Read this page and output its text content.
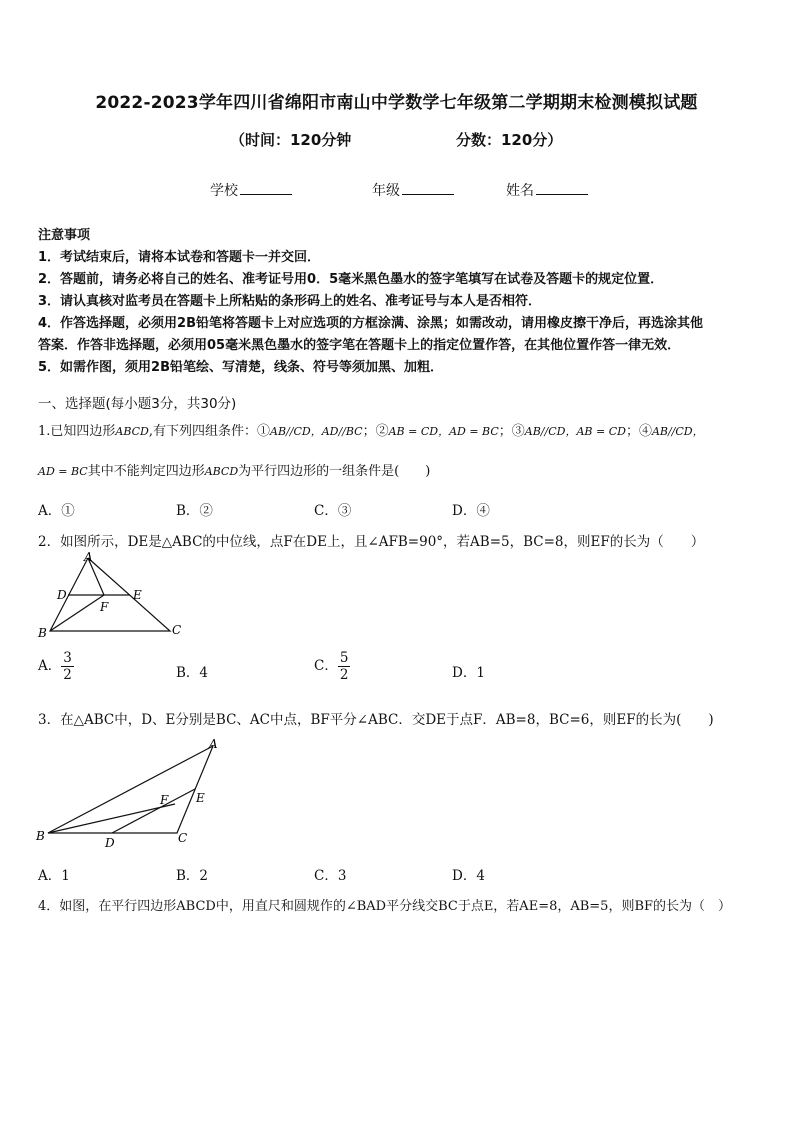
2022-2023学年四川省绵阳市南山中学数学七年级第二学期期末检测模拟试题
（时间：120分钟	分数：120分）
学校	年级	姓名
注意事项
1．考试结束后，请将本试卷和答题卡一并交回．
2．答题前，请务必将自己的姓名、准考证号用0．5毫米黑色墨水的签字笔填写在试卷及答题卡的规定位置．
3．请认真核对监考员在答题卡上所粘贴的条形码上的姓名、准考证号与本人是否相符．
4．作答选择题，必须用2B铅笔将答题卡上对应选项的方框涂满、涂黑；如需改动，请用橡皮擦干净后，再选涂其他
答案．作答非选择题，必须用05毫米黑色墨水的签字笔在答题卡上的指定位置作答，在其他位置作答一律无效．
5．如需作图，须用2B铅笔绘、写清楚，线条、符号等须加黑、加粗．
一、选择题(每小题3分，共30分)
1.已知四边形ABCD,有下列四组条件：①AB//CD，AD//BC；②AB = CD，AD = BC；③AB//CD，AB = CD；④AB//CD，
AD = BC其中不能判定四边形ABCD为平行四边形的一组条件是(　　)
A．①	B．②	C．③	D．④
2．如图所示，DE是△ABC的中位线，点F在DE上，且∠AFB=90°，若AB=5，BC=8，则EF的长为（　　）
A
D	E
F
B	C
A． $\frac{3}{2}$	B．4	C． $\frac{5}{2}$	D．1
3．在△ABC中，D、E分别是BC、AC中点，BF平分∠ABC．交DE于点F．AB=8，BC=6，则EF的长为(　　)
A
F E
B	D	C
A．1	B．2	C．3	D．4
4．如图，在平行四边形ABCD中，用直尺和圆规作的∠BAD平分线交BC于点E，若AE=8，AB=5，则BF的长为（　）
